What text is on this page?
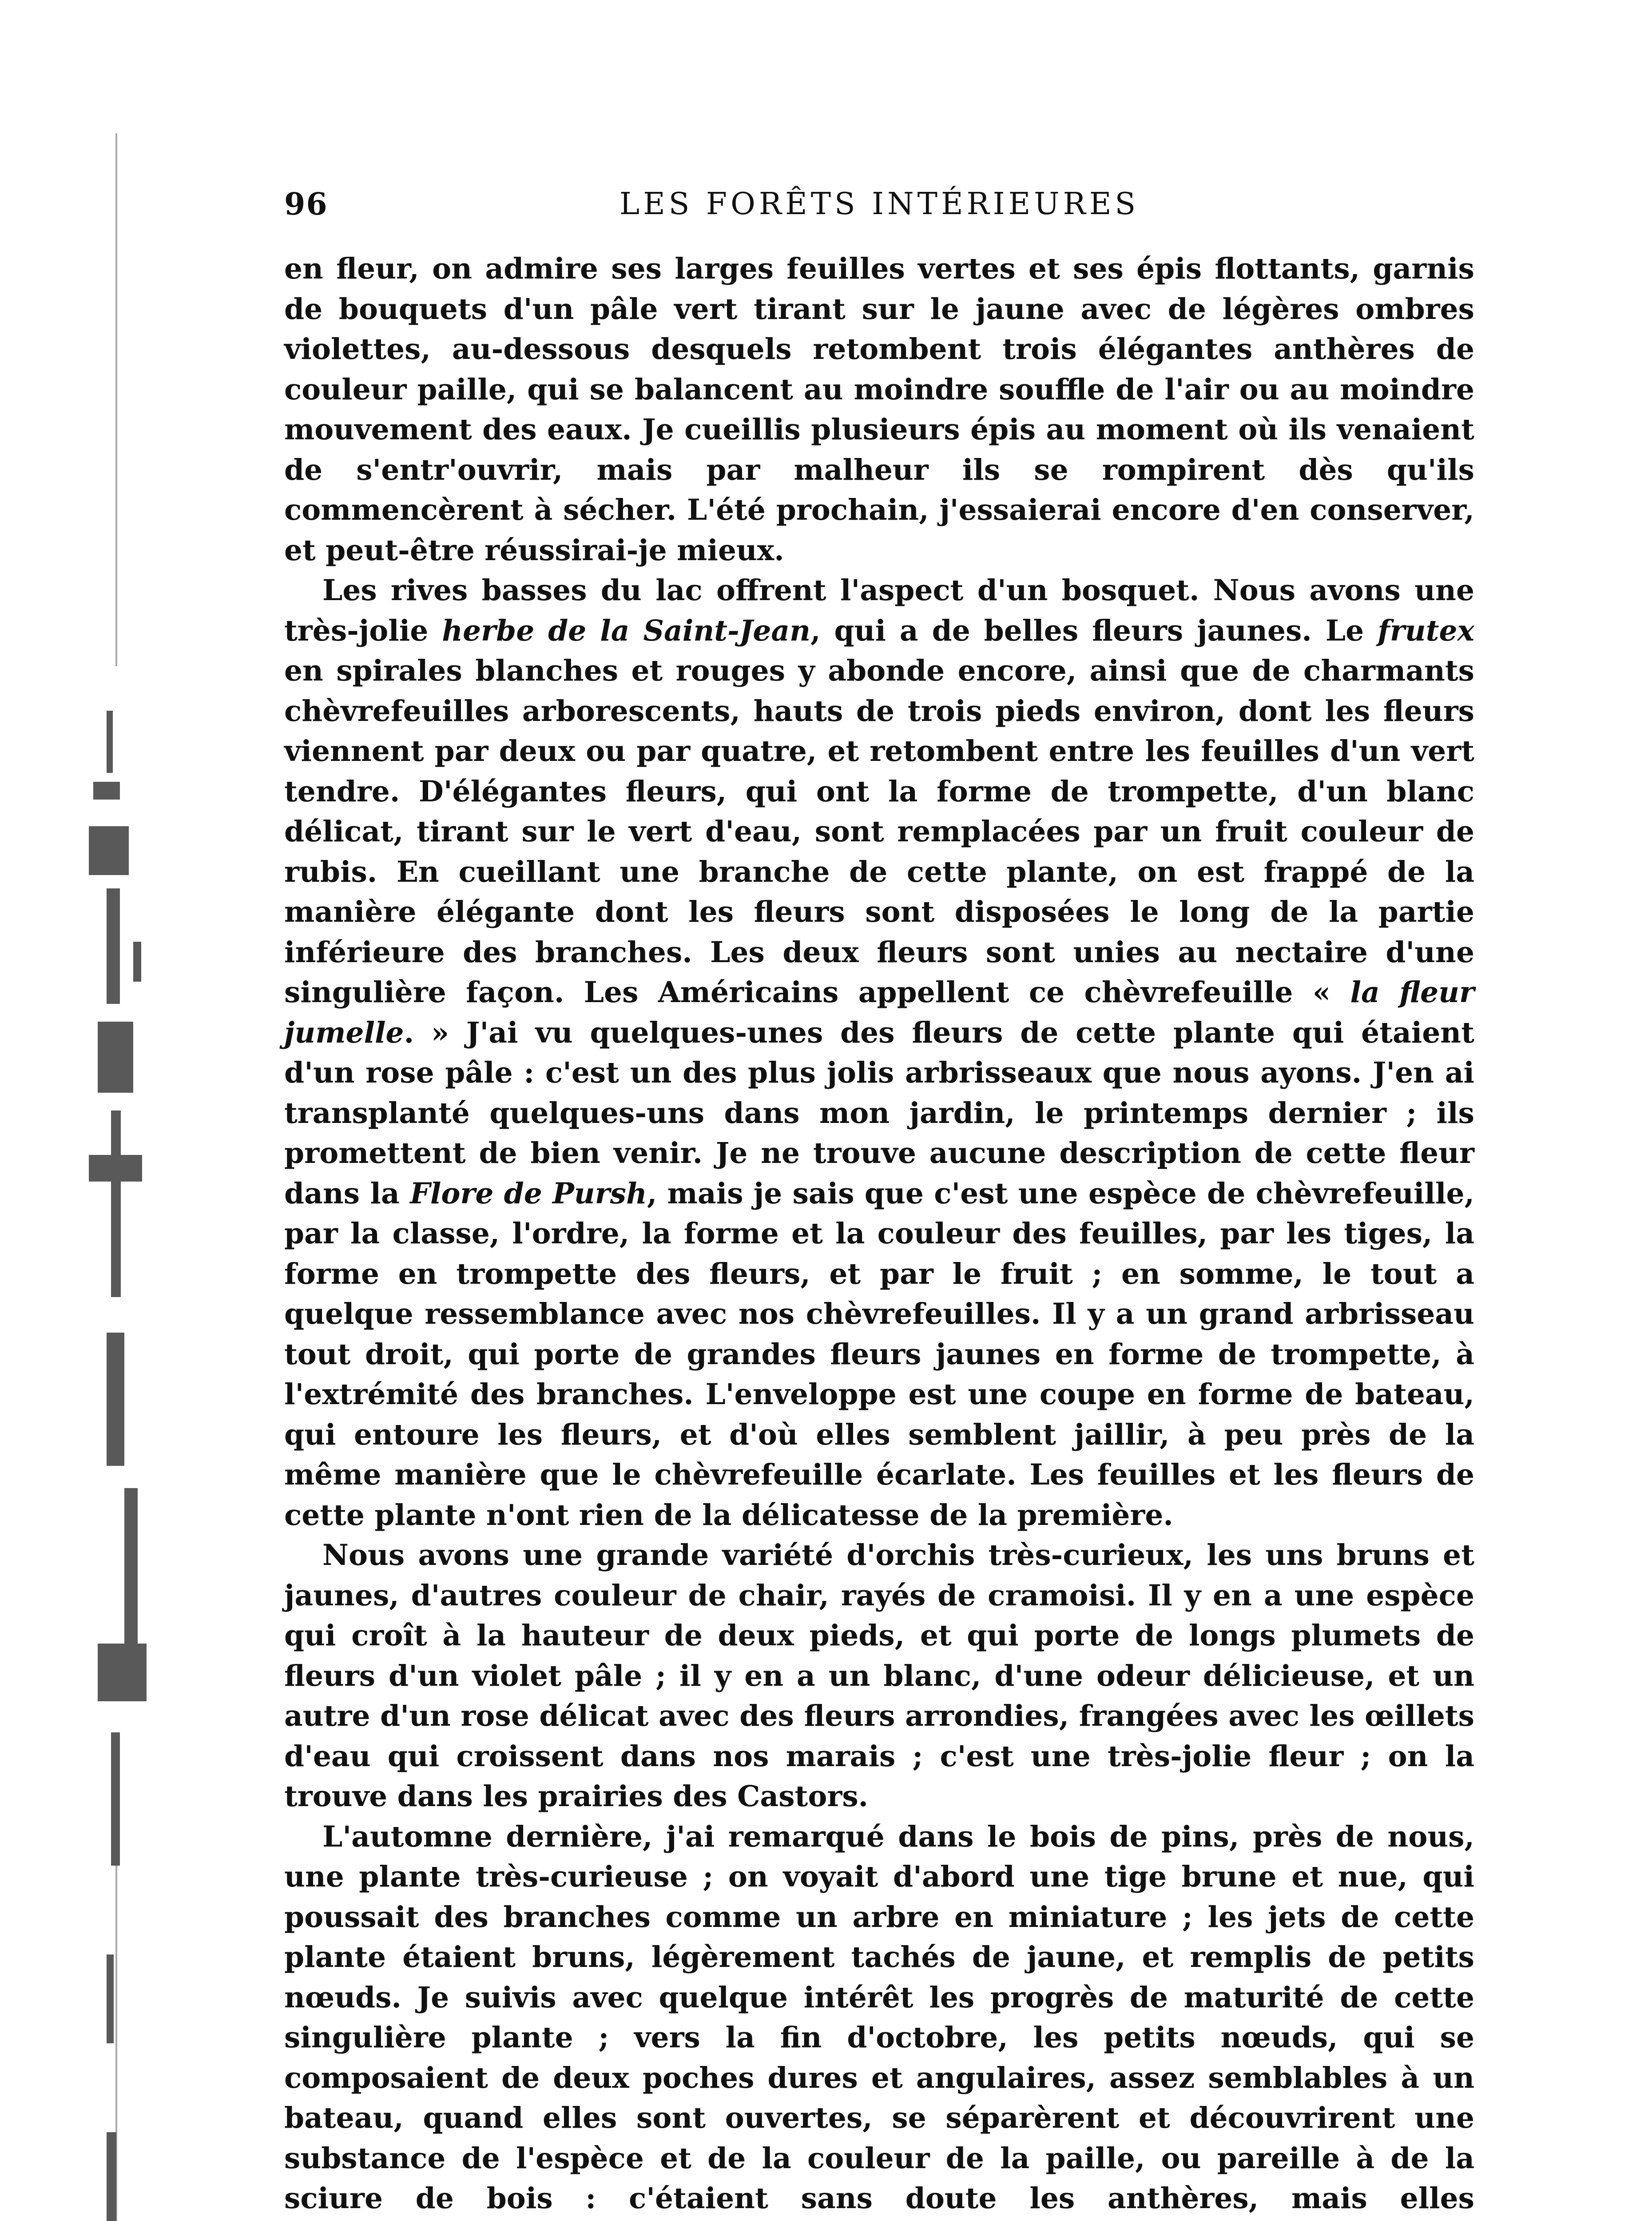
96	LES FORÊTS INTÉRIEURES

en fleur, on admire ses larges feuilles vertes et ses épis flottants, garnis de bouquets d'un pâle vert tirant sur le jaune avec de légères ombres violettes, au-dessous desquels retombent trois élégantes anthères de couleur paille, qui se balancent au moindre souffle de l'air ou au moindre mouvement des eaux. Je cueillis plusieurs épis au moment où ils venaient de s'entr'ouvrir, mais par malheur ils se rompirent dès qu'ils commencèrent à sécher. L'été prochain, j'essaierai encore d'en conserver, et peut-être réussirai-je mieux.

Les rives basses du lac offrent l'aspect d'un bosquet. Nous avons une très-jolie herbe de la Saint-Jean, qui a de belles fleurs jaunes. Le frutex en spirales blanches et rouges y abonde encore, ainsi que de charmants chèvrefeuilles arborescents, hauts de trois pieds environ, dont les fleurs viennent par deux ou par quatre, et retombent entre les feuilles d'un vert tendre. D'élégantes fleurs, qui ont la forme de trompette, d'un blanc délicat, tirant sur le vert d'eau, sont remplacées par un fruit couleur de rubis. En cueillant une branche de cette plante, on est frappé de la manière élégante dont les fleurs sont disposées le long de la partie inférieure des branches. Les deux fleurs sont unies au nectaire d'une singulière façon. Les Américains appellent ce chèvrefeuille « la fleur jumelle. » J'ai vu quelques-unes des fleurs de cette plante qui étaient d'un rose pâle : c'est un des plus jolis arbrisseaux que nous ayons. J'en ai transplanté quelques-uns dans mon jardin, le printemps dernier ; ils promettent de bien venir. Je ne trouve aucune description de cette fleur dans la Flore de Pursh, mais je sais que c'est une espèce de chèvrefeuille, par la classe, l'ordre, la forme et la couleur des feuilles, par les tiges, la forme en trompette des fleurs, et par le fruit ; en somme, le tout a quelque ressemblance avec nos chèvrefeuilles. Il y a un grand arbrisseau tout droit, qui porte de grandes fleurs jaunes en forme de trompette, à l'extrémité des branches. L'enveloppe est une coupe en forme de bateau, qui entoure les fleurs, et d'où elles semblent jaillir, à peu près de la même manière que le chèvrefeuille écarlate. Les feuilles et les fleurs de cette plante n'ont rien de la délicatesse de la première.

Nous avons une grande variété d'orchis très-curieux, les uns bruns et jaunes, d'autres couleur de chair, rayés de cramoisi. Il y en a une espèce qui croît à la hauteur de deux pieds, et qui porte de longs plumets de fleurs d'un violet pâle ; il y en a un blanc, d'une odeur délicieuse, et un autre d'un rose délicat avec des fleurs arrondies, frangées avec les œillets d'eau qui croissent dans nos marais ; c'est une très-jolie fleur ; on la trouve dans les prairies des Castors.

L'automne dernière, j'ai remarqué dans le bois de pins, près de nous, une plante très-curieuse ; on voyait d'abord une tige brune et nue, qui poussait des branches comme un arbre en miniature ; les jets de cette plante étaient bruns, légèrement tachés de jaune, et remplis de petits nœuds. Je suivis avec quelque intérêt les progrès de maturité de cette singulière plante ; vers la fin d'octobre, les petits nœuds, qui se composaient de deux poches dures et angulaires, assez semblables à un bateau, quand elles sont ouvertes, se séparèrent et découvrirent une substance de l'espèce et de la couleur de la paille, ou pareille à de la sciure de bois : c'étaient sans doute les anthères, mais elles
